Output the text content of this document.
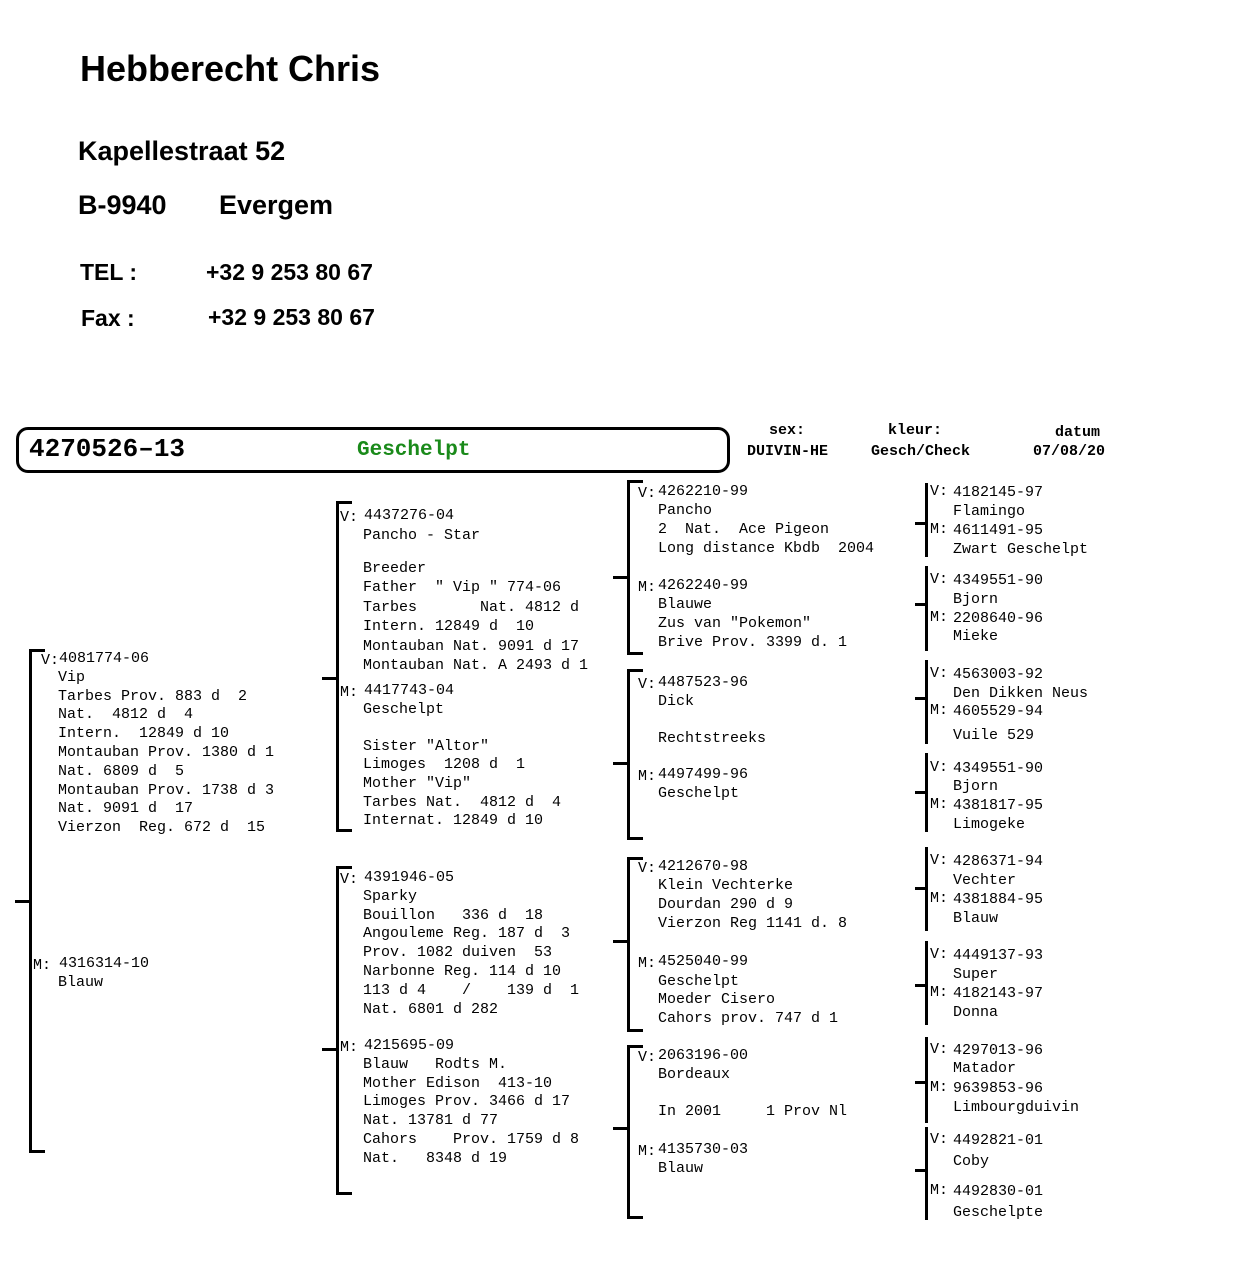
Hebberecht Chris
Kapellestraat 52
B-9940 Evergem
TEL :	+32 9 253 80 67
Fax :	+32 9 253 80 67
4270526–13	Geschelpt
sex:
DUIVIN-HE
kleur:
Gesch/Check
datum
07/08/20
V: 4081774-06
Vip
Tarbes Prov. 883 d  2
Nat.  4812 d  4
Intern.  12849 d 10
Montauban Prov. 1380 d 1
Nat. 6809 d  5
Montauban Prov. 1738 d 3
Nat. 9091 d  17
Vierzon  Reg. 672 d  15
M: 4316314-10
Blauw
V: 4437276-04
Pancho - Star
Breeder
Father  " Vip " 774-06
Tarbes       Nat. 4812 d
Intern. 12849 d  10
Montauban Nat. 9091 d 17
Montauban Nat. A 2493 d 1
M: 4417743-04
Geschelpt
Sister "Altor"
Limoges  1208 d  1
Mother "Vip"
Tarbes Nat.  4812 d  4
Internat. 12849 d 10
V: 4391946-05
Sparky
Bouillon   336 d  18
Angouleme Reg. 187 d  3
Prov. 1082 duiven  53
Narbonne Reg. 114 d 10
113 d 4    /    139 d  1
Nat. 6801 d 282
M: 4215695-09
Blauw   Rodts M.
Mother Edison  413-10
Limoges Prov. 3466 d 17
Nat. 13781 d 77
Cahors    Prov. 1759 d 8
Nat.   8348 d 19
V: 4262210-99
Pancho
2  Nat.  Ace Pigeon
Long distance Kbdb  2004
M: 4262240-99
Blauwe
Zus van "Pokemon"
Brive Prov. 3399 d. 1
V: 4487523-96
Dick
Rechtstreeks
M: 4497499-96
Geschelpt
V: 4212670-98
Klein Vechterke
Dourdan 290 d 9
Vierzon Reg 1141 d. 8
M: 4525040-99
Geschelpt
Moeder Cisero
Cahors prov. 747 d 1
V: 2063196-00
Bordeaux
In 2001     1 Prov Nl
M: 4135730-03
Blauw
V: 4182145-97
Flamingo
M: 4611491-95
Zwart Geschelpt
V: 4349551-90
Bjorn
M: 2208640-96
Mieke
V: 4563003-92
Den Dikken Neus
M: 4605529-94
Vuile 529
V: 4349551-90
Bjorn
M: 4381817-95
Limogeke
V: 4286371-94
Vechter
M: 4381884-95
Blauw
V: 4449137-93
Super
M: 4182143-97
Donna
V: 4297013-96
Matador
M: 9639853-96
Limbourgduivin
V: 4492821-01
Coby
M: 4492830-01
Geschelpte
